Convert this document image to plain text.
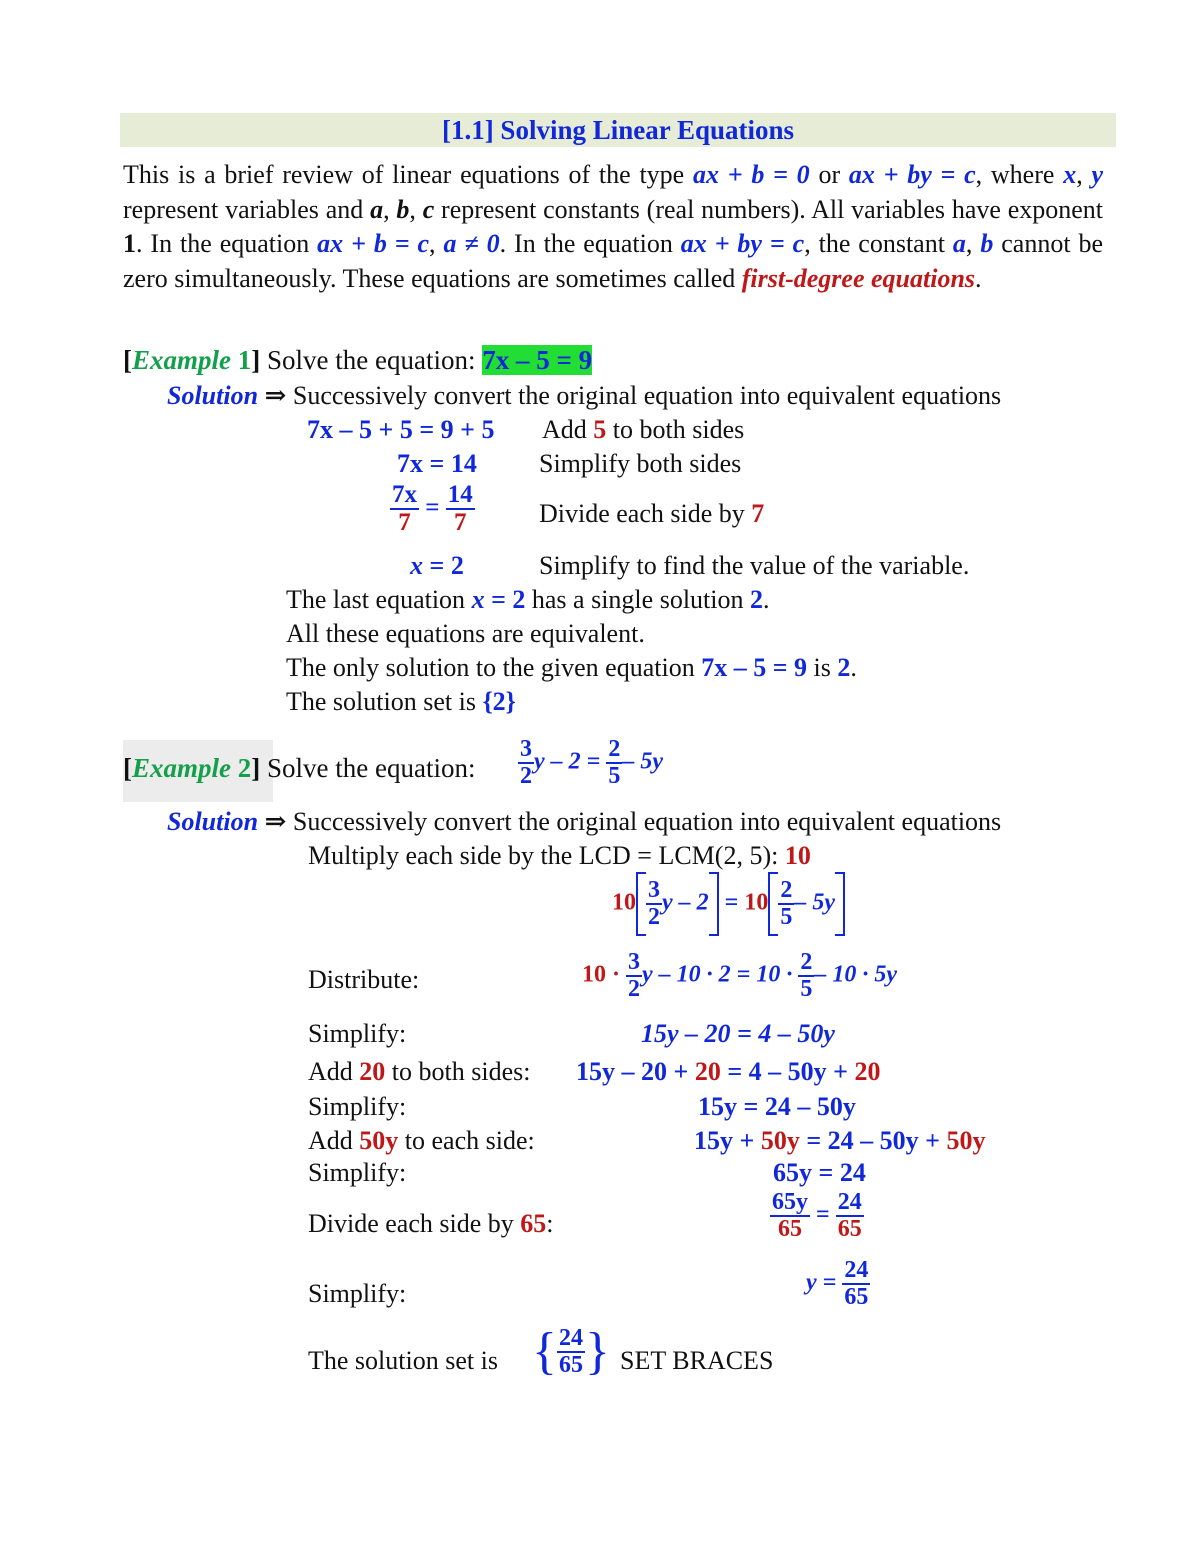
[1.1] Solving Linear Equations
This is a brief review of linear equations of the type ax + b = 0 or ax + by = c, where x, y represent variables and a, b, c represent constants (real numbers). All variables have exponent 1. In the equation ax + b = c, a ≠ 0. In the equation ax + by = c, the constant a, b cannot be zero simultaneously. These equations are sometimes called first-degree equations.
[Example 1] Solve the equation: 7x – 5 = 9
Solution ⇒ Successively convert the original equation into equivalent equations
7x – 5 + 5 = 9 + 5 Add 5 to both sides
7x = 14 Simplify both sides
$\frac{7x}{7} = \frac{14}{7}$ Divide each side by 7
x = 2	Simplify to find the value of the variable.
The last equation x = 2 has a single solution 2.
All these equations are equivalent.
The only solution to the given equation 7x – 5 = 9 is 2.
The solution set is {2}
[Example 2] Solve the equation: $\frac{3}{2}$ $y - 2 = \frac{2}{5} - 5y$
Solution ⇒ Successively convert the original equation into equivalent equations
Multiply each side by the LCD = LCM(2, 5): 10
$10 \frac{3}{2}$ $y - 2 = 10 \frac{2}{5} - 5y$
Distribute:	$10 \cdot \frac{3}{2}$ $y - 10 \cdot 2 = 10 \cdot \frac{2}{5} - 10 \cdot 5y$
Simplify:	15y – 20 = 4 – 50y
Add 20 to both sides: 15y – 20 + 20 = 4 – 50y + 20
Simplify:	15y = 24 – 50y
Add 50y to each side:	15y + 50y = 24 – 50y + 50y
Simplify:	65y = 24
Divide each side by 65:	$\frac{65y}{65} = \frac{24}{65}$
Simplify:	$y = \frac{24}{65}$
The solution set is { $\frac{24}{65}$ } SET BRACES
